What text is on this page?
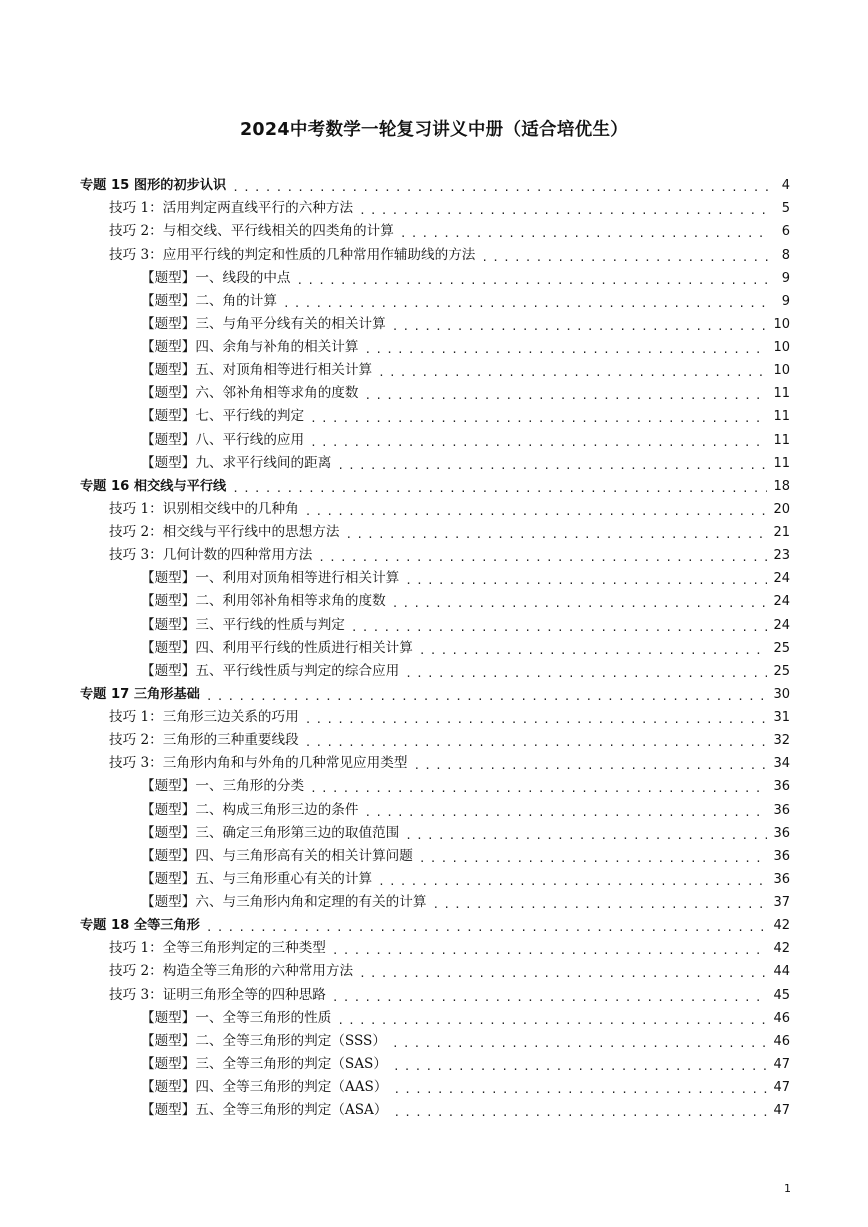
2024中考数学一轮复习讲义中册（适合培优生）
专题 15 图形的初步认识 . . .	4
技巧 1：活用判定两直线平行的六种方法 . . .	5
技巧 2：与相交线、平行线相关的四类角的计算 . . .	6
技巧 3：应用平行线的判定和性质的几种常用作辅助线的方法 . . .	8
【题型】一、线段的中点 . . .	9
【题型】二、角的计算 . . .	9
【题型】三、与角平分线有关的相关计算 . . .	10
【题型】四、余角与补角的相关计算 . . .	10
【题型】五、对顶角相等进行相关计算 . . .	10
【题型】六、邻补角相等求角的度数 . . .	11
【题型】七、平行线的判定 . . .	11
【题型】八、平行线的应用 . . .	11
【题型】九、求平行线间的距离 . . .	11
专题 16 相交线与平行线 . . .	18
技巧 1：识别相交线中的几种角 . . .	20
技巧 2：相交线与平行线中的思想方法 . . .	21
技巧 3：几何计数的四种常用方法 . . .	23
【题型】一、利用对顶角相等进行相关计算 . . .	24
【题型】二、利用邻补角相等求角的度数 . . .	24
【题型】三、平行线的性质与判定 . . .	24
【题型】四、利用平行线的性质进行相关计算 . . .	25
【题型】五、平行线性质与判定的综合应用 . . .	25
专题 17 三角形基础 . . .	30
技巧 1：三角形三边关系的巧用 . . .	31
技巧 2：三角形的三种重要线段 . . .	32
技巧 3：三角形内角和与外角的几种常见应用类型 . . .	34
【题型】一、三角形的分类 . . .	36
【题型】二、构成三角形三边的条件 . . .	36
【题型】三、确定三角形第三边的取值范围 . . .	36
【题型】四、与三角形高有关的相关计算问题 . . .	36
【题型】五、与三角形重心有关的计算 . . .	36
【题型】六、与三角形内角和定理的有关的计算 . . .	37
专题 18 全等三角形 . . .	42
技巧 1：全等三角形判定的三种类型 . . .	42
技巧 2：构造全等三角形的六种常用方法 . . .	44
技巧 3：证明三角形全等的四种思路 . . .	45
【题型】一、全等三角形的性质 . . .	46
【题型】二、全等三角形的判定（SSS） . . .	46
【题型】三、全等三角形的判定（SAS） . . .	47
【题型】四、全等三角形的判定（AAS） . . .	47
【题型】五、全等三角形的判定（ASA） . . .	47
1
